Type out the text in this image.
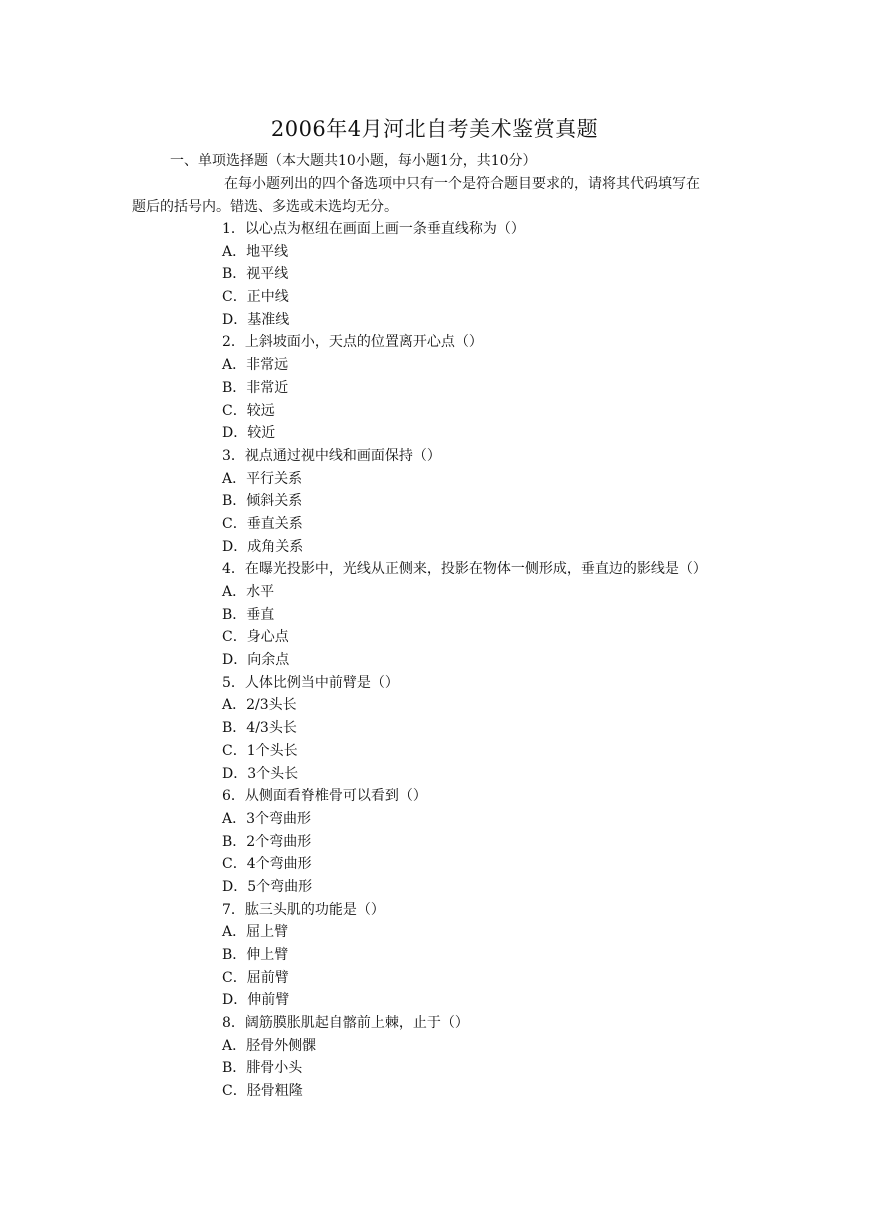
2006年4月河北自考美术鉴赏真题
一、单项选择题（本大题共10小题，每小题1分，共10分）
在每小题列出的四个备选项中只有一个是符合题目要求的，请将其代码填写在
题后的括号内。错选、多选或未选均无分。
1．以心点为枢纽在画面上画一条垂直线称为（）
A．地平线
B．视平线
C．正中线
D．基准线
2．上斜坡面小，天点的位置离开心点（）
A．非常远
B．非常近
C．较远
D．较近
3．视点通过视中线和画面保持（）
A．平行关系
B．倾斜关系
C．垂直关系
D．成角关系
4．在曝光投影中，光线从正侧来，投影在物体一侧形成，垂直边的影线是（）
A．水平
B．垂直
C．身心点
D．向余点
5．人体比例当中前臂是（）
A．2/3头长
B．4/3头长
C．1个头长
D．3个头长
6．从侧面看脊椎骨可以看到（）
A．3个弯曲形
B．2个弯曲形
C．4个弯曲形
D．5个弯曲形
7．肱三头肌的功能是（）
A．屈上臂
B．伸上臂
C．屈前臂
D．伸前臂
8．阔筋膜胀肌起自髂前上棘，止于（）
A．胫骨外侧髁
B．腓骨小头
C．胫骨粗隆
